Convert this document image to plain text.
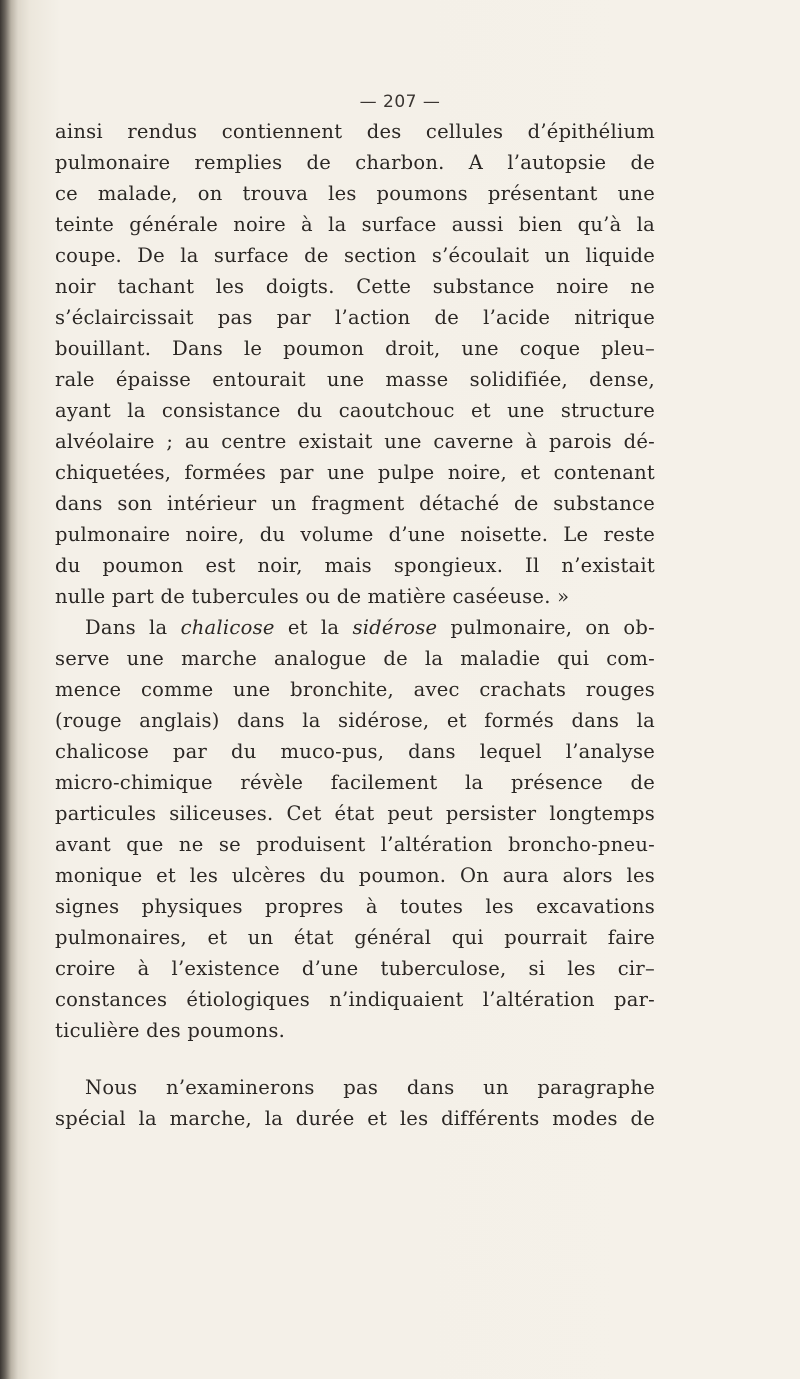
— 207 —
ainsi rendus contiennent des cellules d’épithélium
pulmonaire remplies de charbon. A l’autopsie de
ce malade, on trouva les poumons présentant une
teinte générale noire à la surface aussi bien qu’à la
coupe. De la surface de section s’écoulait un liquide
noir tachant les doigts. Cette substance noire ne
s’éclaircissait pas par l’action de l’acide nitrique
bouillant. Dans le poumon droit, une coque pleu–
rale épaisse entourait une masse solidifiée, dense,
ayant la consistance du caoutchouc et une structure
alvéolaire ; au centre existait une caverne à parois dé-
chiquetées, formées par une pulpe noire, et contenant
dans son intérieur un fragment détaché de substance
pulmonaire noire, du volume d’une noisette. Le reste
du poumon est noir, mais spongieux. Il n’existait
nulle part de tubercules ou de matière caséeuse. »
Dans la chalicose et la sidérose pulmonaire, on ob-
serve une marche analogue de la maladie qui com-
mence comme une bronchite, avec crachats rouges
(rouge anglais) dans la sidérose, et formés dans la
chalicose par du muco-pus, dans lequel l’analyse
micro-chimique révèle facilement la présence de
particules siliceuses. Cet état peut persister longtemps
avant que ne se produisent l’altération broncho-pneu-
monique et les ulcères du poumon. On aura alors les
signes physiques propres à toutes les excavations
pulmonaires, et un état général qui pourrait faire
croire à l’existence d’une tuberculose, si les cir–
constances étiologiques n’indiquaient l’altération par-
ticulière des poumons.
Nous n’examinerons pas dans un paragraphe
spécial la marche, la durée et les différents modes de
